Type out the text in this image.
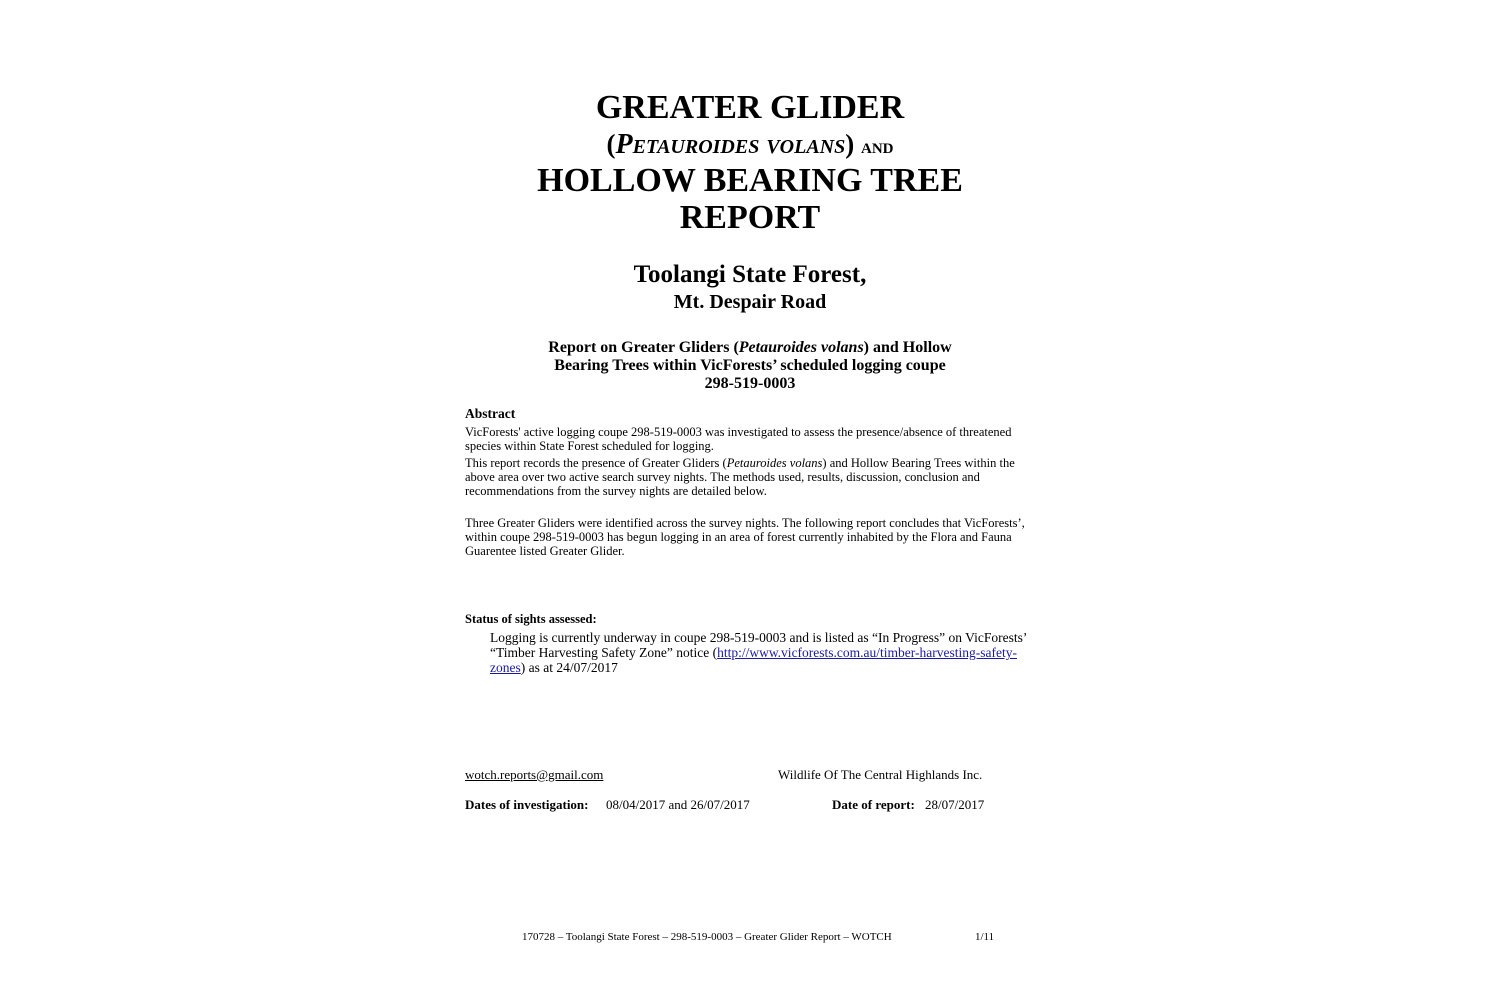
GREATER GLIDER
(Petauroides volans) and
HOLLOW BEARING TREE
REPORT
Toolangi State Forest,
Mt. Despair Road
Report on Greater Gliders (Petauroides volans) and Hollow
Bearing Trees within VicForests’ scheduled logging coupe
298-519-0003
Abstract
VicForests' active logging coupe 298-519-0003 was investigated to assess the presence/absence of threatened species within State Forest scheduled for logging.
This report records the presence of Greater Gliders (Petauroides volans) and Hollow Bearing Trees within the above area over two active search survey nights. The methods used, results, discussion, conclusion and recommendations from the survey nights are detailed below.
Three Greater Gliders were identified across the survey nights. The following report concludes that VicForests’, within coupe 298-519-0003 has begun logging in an area of forest currently inhabited by the Flora and Fauna Guarentee listed Greater Glider.
Status of sights assessed:
Logging is currently underway in coupe 298-519-0003 and is listed as “In Progress” on VicForests’ “Timber Harvesting Safety Zone” notice (http://www.vicforests.com.au/timber-harvesting-safety-zones) as at 24/07/2017
wotch.reports@gmail.com	Wildlife Of The Central Highlands Inc.
Dates of investigation: 08/04/2017 and 26/07/2017	Date of report: 28/07/2017
170728 – Toolangi State Forest – 298-519-0003 – Greater Glider Report – WOTCH	1/11
